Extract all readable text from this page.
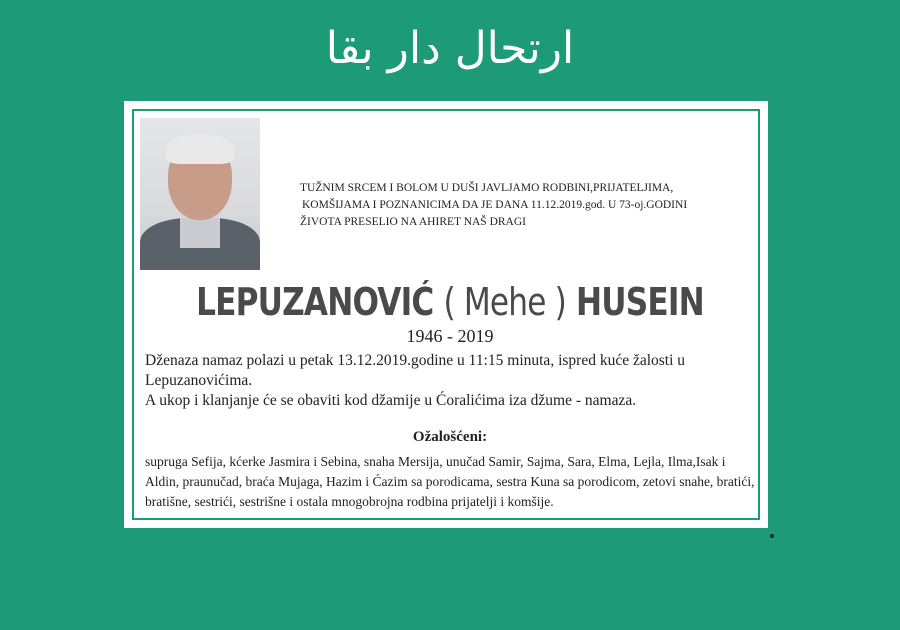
ارتحال دار بقا
TUŽNIM SRCEM I BOLOM U DUŠI JAVLJAMO RODBINI,PRIJATELJIMA,
KOMŠIJAMA I POZNANICIMA DA JE DANA 11.12.2019.god. U 73-oj.GODINI
ŽIVOTA PRESELIO NA AHIRET NAŠ DRAGI
LEPUZANOVIĆ ( Mehe ) HUSEIN
1946 - 2019
Dženaza namaz polazi u petak 13.12.2019.godine u 11:15 minuta, ispred kuće žalosti u Lepuzanovićima.
A ukop i klanjanje će se obaviti kod džamije u Ćoralićima iza džume - namaza.
Ožalošćeni:
supruga Sefija, kćerke Jasmira i Sebina, snaha Mersija, unučad Samir, Sajma, Sara, Elma, Lejla, Ilma,Isak i Aldin, praunučad, braća Mujaga, Hazim i Ćazim sa porodicama, sestra Kuna sa porodicom, zetovi snahe, bratići, bratišne, sestrići, sestrišne i ostala mnogobrojna rodbina prijatelji i komšije.
